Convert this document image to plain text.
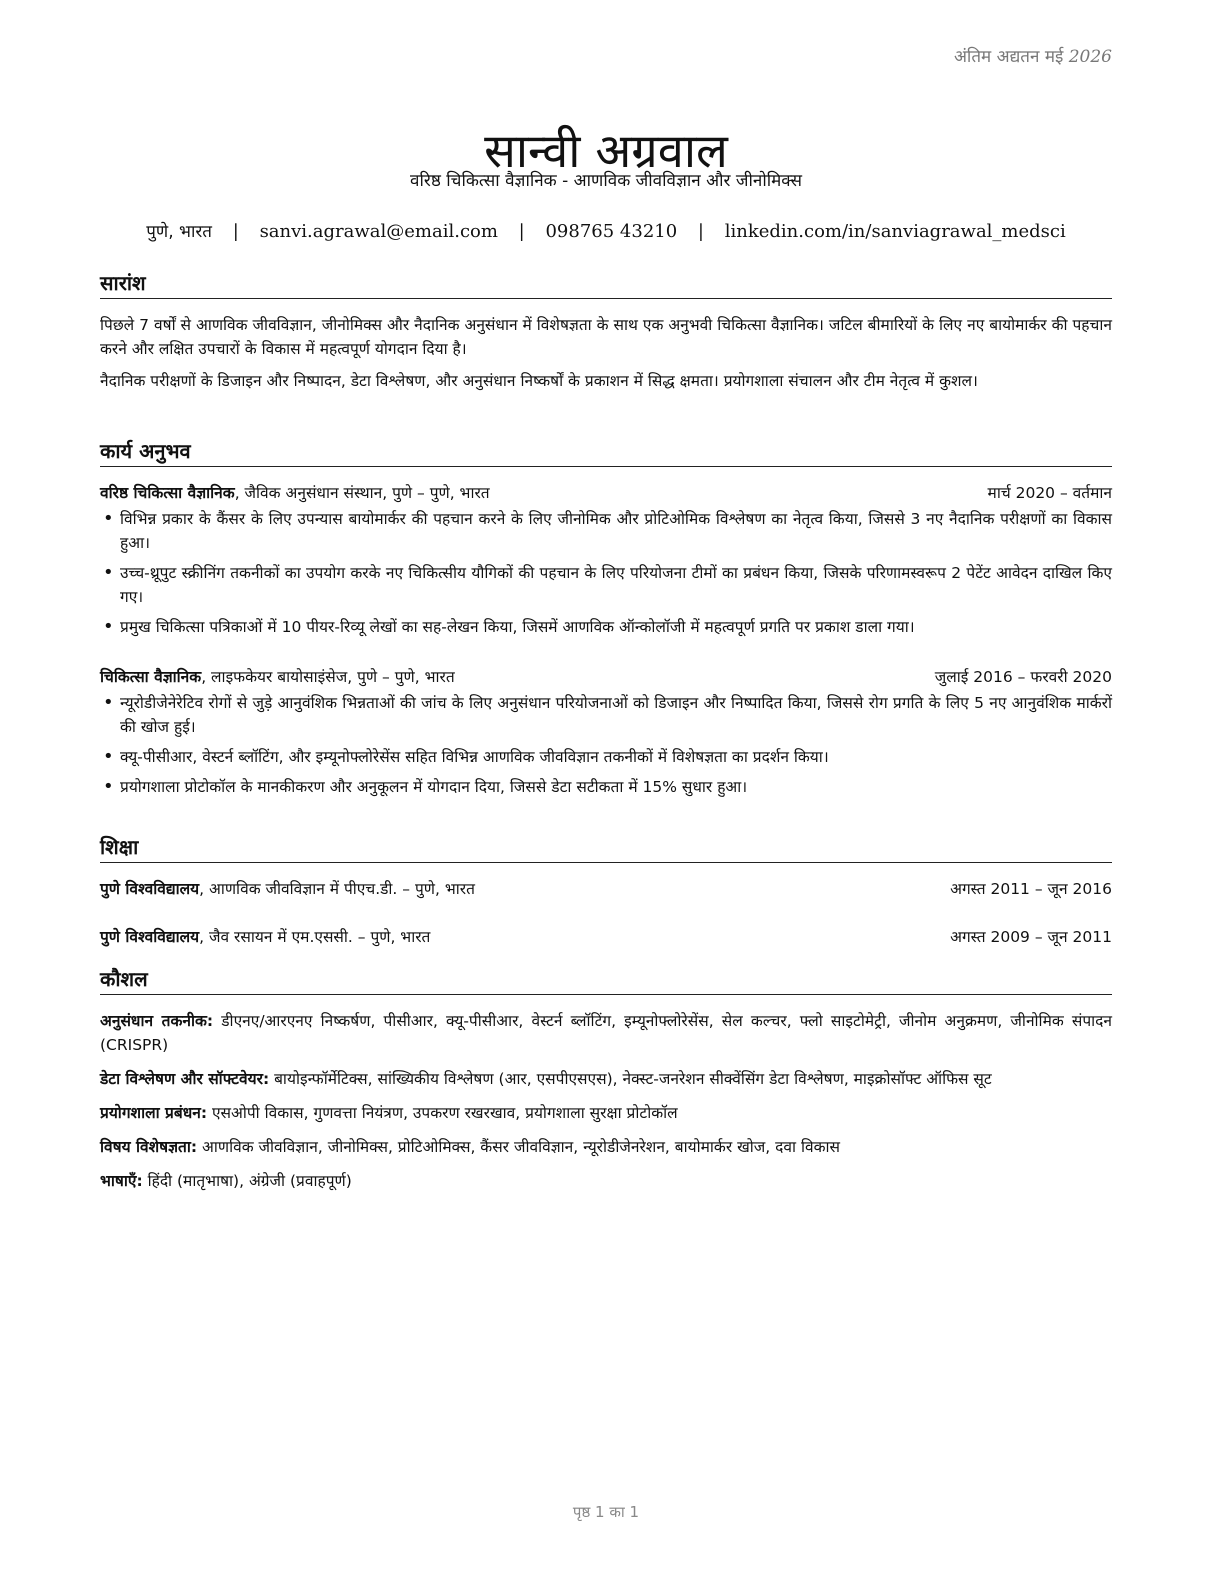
अंतिम अद्यतन मई 2026
सान्वी अग्रवाल
वरिष्ठ चिकित्सा वैज्ञानिक - आणविक जीवविज्ञान और जीनोमिक्स
पुणे, भारत | sanvi.agrawal@email.com | 098765 43210 | linkedin.com/in/sanviagrawal_medsci
सारांश

पिछले 7 वर्षों से आणविक जीवविज्ञान, जीनोमिक्स और नैदानिक अनुसंधान में विशेषज्ञता के साथ एक अनुभवी चिकित्सा वैज्ञानिक। जटिल बीमारियों के लिए नए बायोमार्कर की पहचान करने और लक्षित उपचारों के विकास में महत्वपूर्ण योगदान दिया है।

नैदानिक परीक्षणों के डिजाइन और निष्पादन, डेटा विश्लेषण, और अनुसंधान निष्कर्षों के प्रकाशन में सिद्ध क्षमता। प्रयोगशाला संचालन और टीम नेतृत्व में कुशल।

कार्य अनुभव
वरिष्ठ चिकित्सा वैज्ञानिक, जैविक अनुसंधान संस्थान, पुणे – पुणे, भारत	मार्च 2020 – वर्तमान
• विभिन्न प्रकार के कैंसर के लिए उपन्यास बायोमार्कर की पहचान करने के लिए जीनोमिक और प्रोटिओमिक विश्लेषण का नेतृत्व किया, जिससे 3 नए नैदानिक परीक्षणों का विकास हुआ।
• उच्च-थ्रूपुट स्क्रीनिंग तकनीकों का उपयोग करके नए चिकित्सीय यौगिकों की पहचान के लिए परियोजना टीमों का प्रबंधन किया, जिसके परिणामस्वरूप 2 पेटेंट आवेदन दाखिल किए गए।
• प्रमुख चिकित्सा पत्रिकाओं में 10 पीयर-रिव्यू लेखों का सह-लेखन किया, जिसमें आणविक ऑन्कोलॉजी में महत्वपूर्ण प्रगति पर प्रकाश डाला गया।
चिकित्सा वैज्ञानिक, लाइफकेयर बायोसाइंसेज, पुणे – पुणे, भारत	जुलाई 2016 – फरवरी 2020
• न्यूरोडीजेनेरेटिव रोगों से जुड़े आनुवंशिक भिन्नताओं की जांच के लिए अनुसंधान परियोजनाओं को डिजाइन और निष्पादित किया, जिससे रोग प्रगति के लिए 5 नए आनुवंशिक मार्करों की खोज हुई।
• क्यू-पीसीआर, वेस्टर्न ब्लॉटिंग, और इम्यूनोफ्लोरेसेंस सहित विभिन्न आणविक जीवविज्ञान तकनीकों में विशेषज्ञता का प्रदर्शन किया।
• प्रयोगशाला प्रोटोकॉल के मानकीकरण और अनुकूलन में योगदान दिया, जिससे डेटा सटीकता में 15% सुधार हुआ।
शिक्षा
पुणे विश्वविद्यालय, आणविक जीवविज्ञान में पीएच.डी. – पुणे, भारत	अगस्त 2011 – जून 2016
पुणे विश्वविद्यालय, जैव रसायन में एम.एससी. – पुणे, भारत	अगस्त 2009 – जून 2011
कौशल
अनुसंधान तकनीक: डीएनए/आरएनए निष्कर्षण, पीसीआर, क्यू-पीसीआर, वेस्टर्न ब्लॉटिंग, इम्यूनोफ्लोरेसेंस, सेल कल्चर, फ्लो साइटोमेट्री, जीनोम अनुक्रमण, जीनोमिक संपादन (CRISPR)
डेटा विश्लेषण और सॉफ्टवेयर: बायोइन्फॉर्मेटिक्स, सांख्यिकीय विश्लेषण (आर, एसपीएसएस), नेक्स्ट-जनरेशन सीक्वेंसिंग डेटा विश्लेषण, माइक्रोसॉफ्ट ऑफिस सूट
प्रयोगशाला प्रबंधन: एसओपी विकास, गुणवत्ता नियंत्रण, उपकरण रखरखाव, प्रयोगशाला सुरक्षा प्रोटोकॉल
विषय विशेषज्ञता: आणविक जीवविज्ञान, जीनोमिक्स, प्रोटिओमिक्स, कैंसर जीवविज्ञान, न्यूरोडीजेनरेशन, बायोमार्कर खोज, दवा विकास
भाषाएँ: हिंदी (मातृभाषा), अंग्रेजी (प्रवाहपूर्ण)
पृष्ठ 1 का 1
